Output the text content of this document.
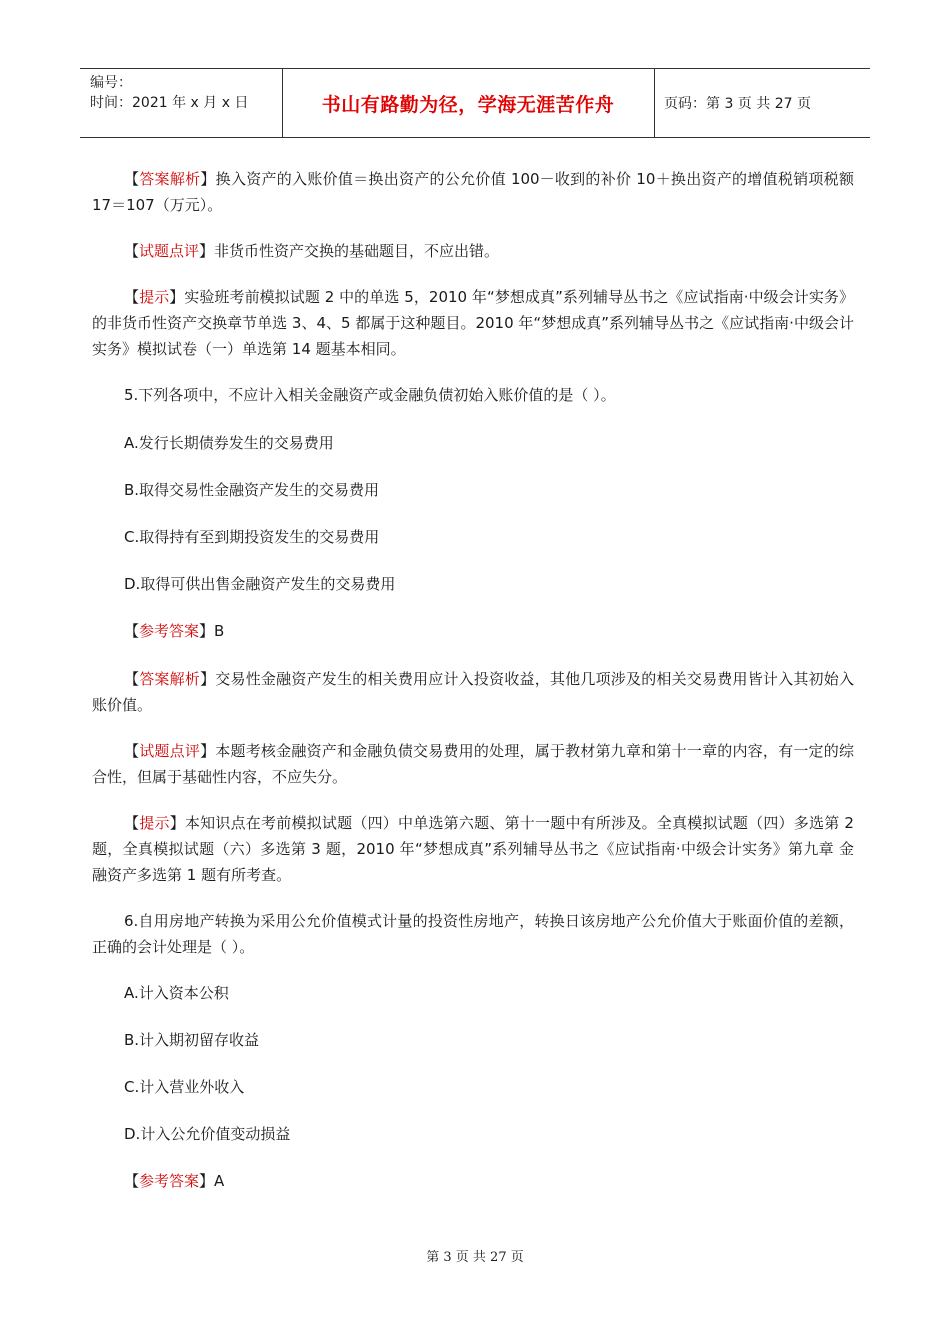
编号：
时间：2021 年 x 月 x 日	书山有路勤为径，学海无涯苦作舟	页码：第 3 页 共 27 页
【答案解析】换入资产的入账价值＝换出资产的公允价值 100－收到的补价 10＋换出资产的增值税销项税额 17＝107（万元）。
【试题点评】非货币性资产交换的基础题目，不应出错。
【提示】实验班考前模拟试题 2 中的单选 5，2010 年“梦想成真”系列辅导丛书之《应试指南·中级会计实务》的非货币性资产交换章节单选 3、4、5 都属于这种题目。2010 年“梦想成真”系列辅导丛书之《应试指南·中级会计实务》模拟试卷（一）单选第 14 题基本相同。
5.下列各项中，不应计入相关金融资产或金融负债初始入账价值的是（ ）。
A.发行长期债券发生的交易费用
B.取得交易性金融资产发生的交易费用
C.取得持有至到期投资发生的交易费用
D.取得可供出售金融资产发生的交易费用
【参考答案】B
【答案解析】交易性金融资产发生的相关费用应计入投资收益，其他几项涉及的相关交易费用皆计入其初始入账价值。
【试题点评】本题考核金融资产和金融负债交易费用的处理，属于教材第九章和第十一章的内容，有一定的综合性，但属于基础性内容，不应失分。
【提示】本知识点在考前模拟试题（四）中单选第六题、第十一题中有所涉及。全真模拟试题（四）多选第 2 题，全真模拟试题（六）多选第 3 题，2010 年“梦想成真”系列辅导丛书之《应试指南·中级会计实务》第九章 金融资产多选第 1 题有所考查。
6.自用房地产转换为采用公允价值模式计量的投资性房地产，转换日该房地产公允价值大于账面价值的差额，正确的会计处理是（ ）。
A.计入资本公积
B.计入期初留存收益
C.计入营业外收入
D.计入公允价值变动损益
【参考答案】A
第 3 页 共 27 页
